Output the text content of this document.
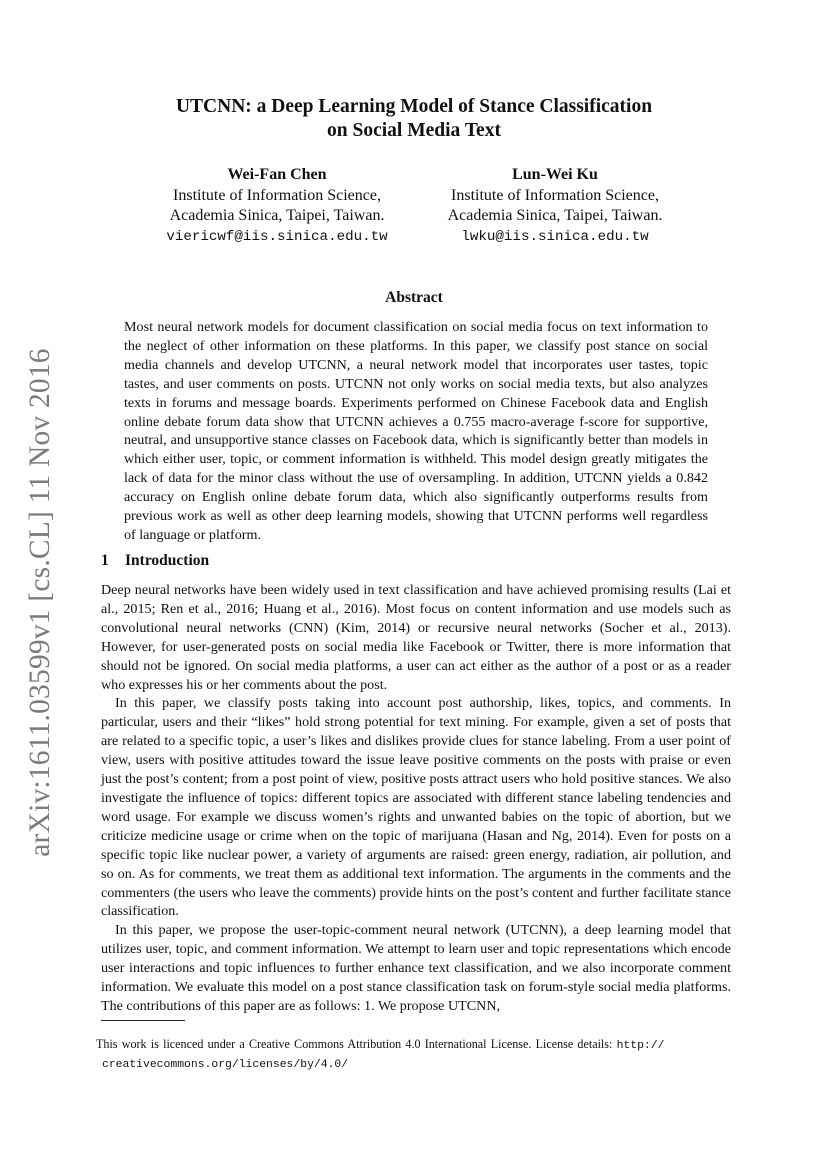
arXiv:1611.03599v1 [cs.CL] 11 Nov 2016
UTCNN: a Deep Learning Model of Stance Classification
on Social Media Text
Wei-Fan Chen
Institute of Information Science,
Academia Sinica, Taipei, Taiwan.
viericwf@iis.sinica.edu.tw
Lun-Wei Ku
Institute of Information Science,
Academia Sinica, Taipei, Taiwan.
lwku@iis.sinica.edu.tw
Abstract
Most neural network models for document classification on social media focus on text information to the neglect of other information on these platforms. In this paper, we classify post stance on social media channels and develop UTCNN, a neural network model that incorporates user tastes, topic tastes, and user comments on posts. UTCNN not only works on social media texts, but also analyzes texts in forums and message boards. Experiments performed on Chinese Facebook data and English online debate forum data show that UTCNN achieves a 0.755 macro-average f-score for supportive, neutral, and unsupportive stance classes on Facebook data, which is significantly better than models in which either user, topic, or comment information is withheld. This model design greatly mitigates the lack of data for the minor class without the use of oversampling. In addition, UTCNN yields a 0.842 accuracy on English online debate forum data, which also significantly outperforms results from previous work as well as other deep learning models, showing that UTCNN performs well regardless of language or platform.
1 Introduction

Deep neural networks have been widely used in text classification and have achieved promising results (Lai et al., 2015; Ren et al., 2016; Huang et al., 2016). Most focus on content information and use models such as convolutional neural networks (CNN) (Kim, 2014) or recursive neural networks (Socher et al., 2013). However, for user-generated posts on social media like Facebook or Twitter, there is more information that should not be ignored. On social media platforms, a user can act either as the author of a post or as a reader who expresses his or her comments about the post.

In this paper, we classify posts taking into account post authorship, likes, topics, and comments. In particular, users and their “likes” hold strong potential for text mining. For example, given a set of posts that are related to a specific topic, a user’s likes and dislikes provide clues for stance labeling. From a user point of view, users with positive attitudes toward the issue leave positive comments on the posts with praise or even just the post’s content; from a post point of view, positive posts attract users who hold positive stances. We also investigate the influence of topics: different topics are associated with different stance labeling tendencies and word usage. For example we discuss women’s rights and unwanted babies on the topic of abortion, but we criticize medicine usage or crime when on the topic of marijuana (Hasan and Ng, 2014). Even for posts on a specific topic like nuclear power, a variety of arguments are raised: green energy, radiation, air pollution, and so on. As for comments, we treat them as additional text information. The arguments in the comments and the commenters (the users who leave the comments) provide hints on the post’s content and further facilitate stance classification.

In this paper, we propose the user-topic-comment neural network (UTCNN), a deep learning model that utilizes user, topic, and comment information. We attempt to learn user and topic representations which encode user interactions and topic influences to further enhance text classification, and we also incorporate comment information. We evaluate this model on a post stance classification task on forum-style social media platforms. The contributions of this paper are as follows: 1. We propose UTCNN,

This work is licenced under a Creative Commons Attribution 4.0 International License. License details: http://
creativecommons.org/licenses/by/4.0/
